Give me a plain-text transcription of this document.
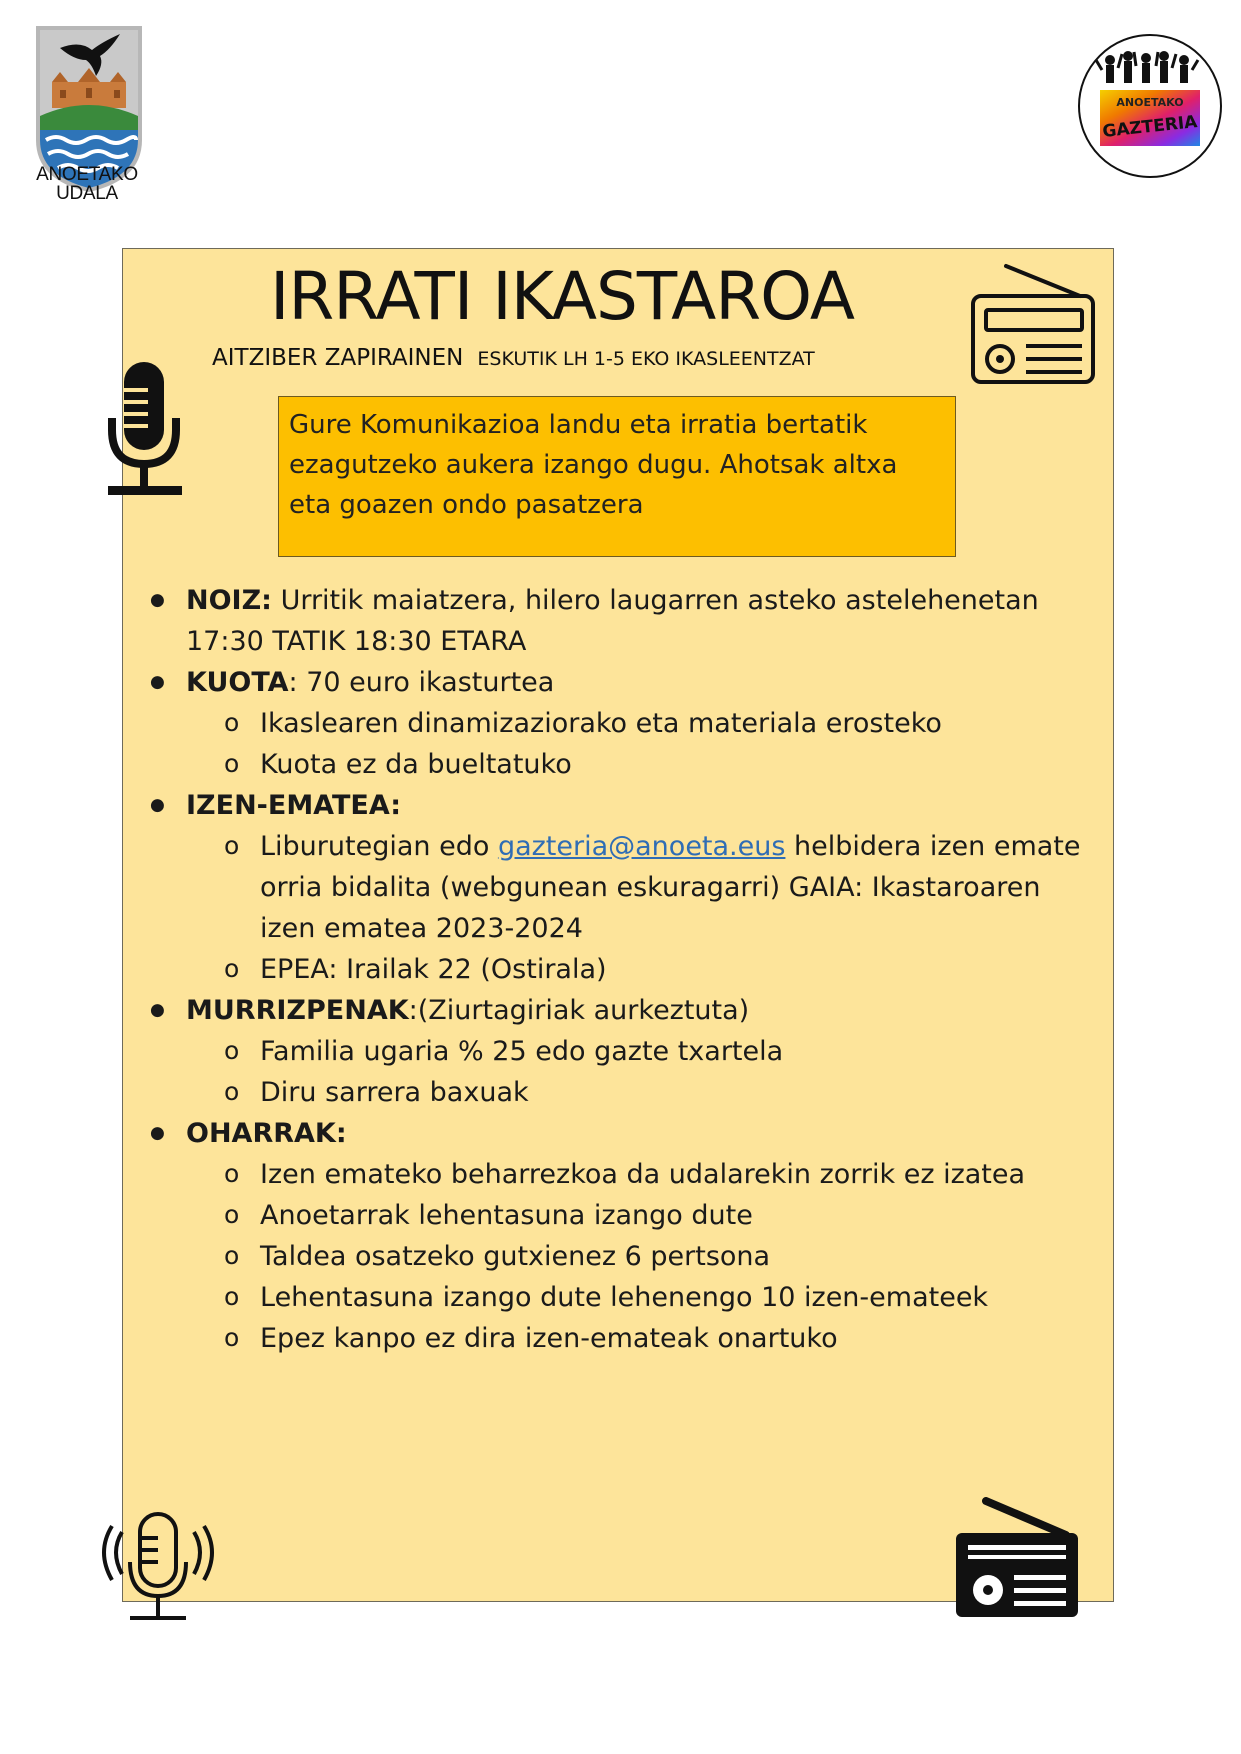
ANOETAKO
UDALA
ANOETAKO
GAZTERIA
IRRATI IKASTAROA
AITZIBER ZAPIRAINEN ESKUTIK LH 1-5 EKO IKASLEENTZAT
Gure Komunikazioa landu eta irratia bertatik ezagutzeko aukera izango dugu. Ahotsak altxa eta goazen ondo pasatzera
● NOIZ: Urritik maiatzera, hilero laugarren asteko astelehenetan 17:30 TATIK 18:30 ETARA
● KUOTA: 70 euro ikasturtea
o Ikaslearen dinamizaziorako eta materiala erosteko
o Kuota ez da bueltatuko
● IZEN-EMATEA:
o Liburutegian edo gazteria@anoeta.eus helbidera izen emate orria bidalita (webgunean eskuragarri) GAIA: Ikastaroaren izen ematea 2023-2024
o EPEA: Irailak 22 (Ostirala)
● MURRIZPENAK:(Ziurtagiriak aurkeztuta)
o Familia ugaria % 25 edo gazte txartela
o Diru sarrera baxuak
● OHARRAK:
o Izen emateko beharrezkoa da udalarekin zorrik ez izatea
o Anoetarrak lehentasuna izango dute
o Taldea osatzeko gutxienez 6 pertsona
o Lehentasuna izango dute lehenengo 10 izen-emateek
o Epez kanpo ez dira izen-emateak onartuko
